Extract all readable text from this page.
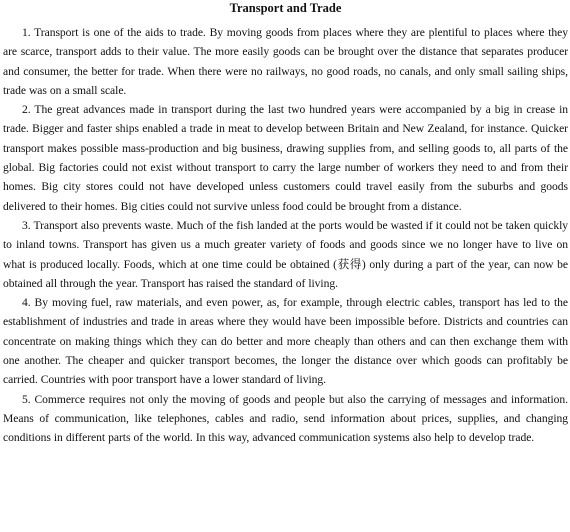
Transport and Trade

1. Transport is one of the aids to trade. By moving goods from places where they are plentiful to places where they are scarce, transport adds to their value. The more easily goods can be brought over the distance that separates producer and consumer, the better for trade. When there were no railways, no good roads, no canals, and only small sailing ships, trade was on a small scale.

2. The great advances made in transport during the last two hundred years were accompanied by a big in crease in trade. Bigger and faster ships enabled a trade in meat to develop between Britain and New Zealand, for instance. Quicker transport makes possible mass-production and big business, drawing supplies from, and selling goods to, all parts of the global. Big factories could not exist without transport to carry the large number of workers they need to and from their homes. Big city stores could not have developed unless customers could travel easily from the suburbs and goods delivered to their homes. Big cities could not survive unless food could be brought from a distance.

3. Transport also prevents waste. Much of the fish landed at the ports would be wasted if it could not be taken quickly to inland towns. Transport has given us a much greater variety of foods and goods since we no longer have to live on what is produced locally. Foods, which at one time could be obtained (获得) only during a part of the year, can now be obtained all through the year. Transport has raised the standard of living.

4. By moving fuel, raw materials, and even power, as, for example, through electric cables, transport has led to the establishment of industries and trade in areas where they would have been impossible before. Districts and countries can concentrate on making things which they can do better and more cheaply than others and can then exchange them with one another. The cheaper and quicker transport becomes, the longer the distance over which goods can profitably be carried. Countries with poor transport have a lower standard of living.

5. Commerce requires not only the moving of goods and people but also the carrying of messages and information. Means of communication, like telephones, cables and radio, send information about prices, supplies, and changing conditions in different parts of the world. In this way, advanced communication systems also help to develop trade.
